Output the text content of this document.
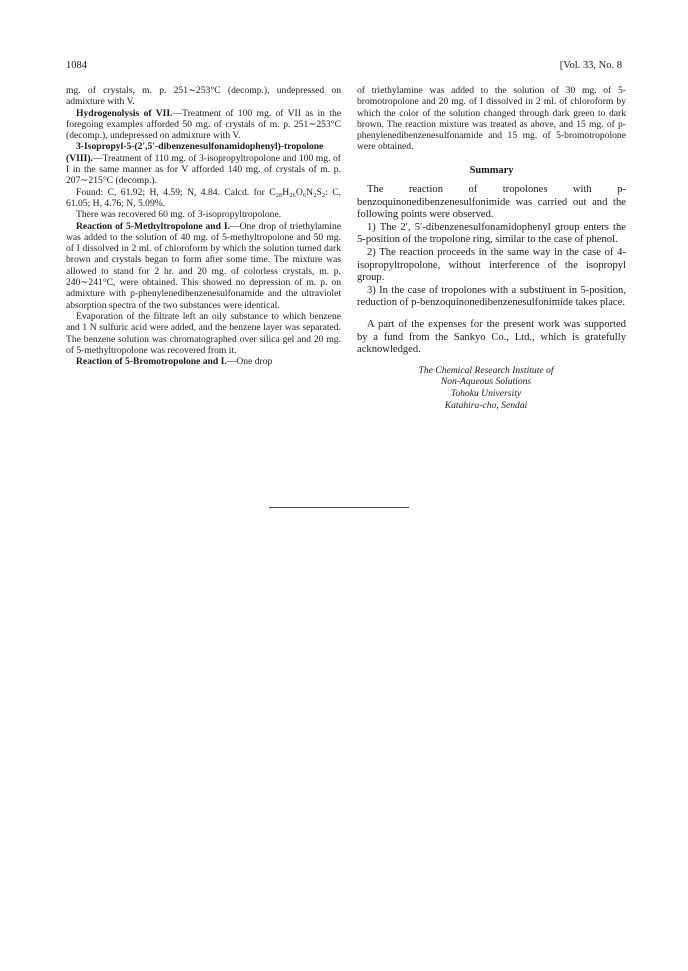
1084	[Vol. 33, No. 8

mg. of crystals, m. p. 251∼253°C (decomp.), undepressed on admixture with V.

Hydrogenolysis of VII.—Treatment of 100 mg. of VII as in the foregoing examples afforded 50 mg. of crystals of m. p. 251∼253°C (decomp.), undepressed on admixture with V.

3-Isopropyl-5-(2′,5′-dibenzenesulfonamidophenyl)-tropolone (VIII).—Treatment of 110 mg. of 3-isopropyltropolone and 100 mg. of I in the same manner as for V afforded 140 mg. of crystals of m. p. 207∼215°C (decomp.).

Found: C, 61.92; H, 4.59; N, 4.84. Calcd. for C₂₈H₂₆O₆N₂S₂: C, 61.05; H, 4.76; N, 5.09%.

There was recovered 60 mg. of 3-isopropyltropolone.

Reaction of 5-Methyltropolone and I.—One drop of triethylamine was added to the solution of 40 mg. of 5-methyltropolone and 50 mg. of I dissolved in 2 ml. of chloroform by which the solution turned dark brown and crystals began to form after some time. The mixture was allowed to stand for 2 hr. and 20 mg. of colorless crystals, m. p. 240∼241°C, were obtained. This showed no depression of m. p. on admixture with p-phenylenedibenzenesulfonamide and the ultraviolet absorption spectra of the two substances were identical.

Evaporation of the filtrate left an oily substance to which benzene and 1 N sulfuric acid were added, and the benzene layer was separated. The benzene solution was chromatographed over silica gel and 20 mg. of 5-methyltropolone was recovered from it.

Reaction of 5-Bromotropolone and I.—One drop

of triethylamine was added to the solution of 30 mg. of 5-bromotropolone and 20 mg. of I dissolved in 2 ml. of chloroform by which the color of the solution changed through dark green to dark brown. The reaction mixture was treated as above, and 15 mg. of p-phenylenedibenzenesulfonamide and 15 mg. of 5-bromotropolone were obtained.

Summary

The reaction of tropolones with p-benzoquinonedibenzenesulfonimide was carried out and the following points were observed.

1) The 2′, 5′-dibenzenesulfonamidophenyl group enters the 5-position of the tropolone ring, similar to the case of phenol.

2) The reaction proceeds in the same way in the case of 4-isopropyltropolone, without interference of the isopropyl group.

3) In the case of tropolones with a substituent in 5-position, reduction of p-benzoquinonedibenzenesulfonimide takes place.

A part of the expenses for the present work was supported by a fund from the Sankyo Co., Ltd., which is gratefully acknowledged.

The Chemical Research Institute of
Non-Aqueous Solutions
Tohoku University
Katahira-cho, Sendai
